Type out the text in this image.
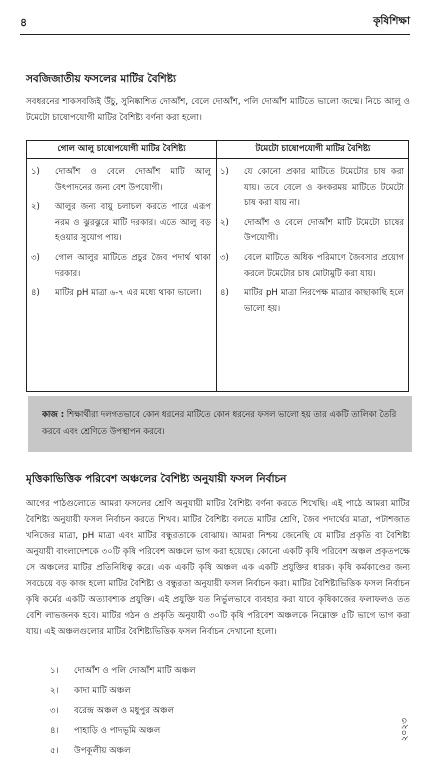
৪	কৃষিশিক্ষা
সবজিজাতীয় ফসলের মাটির বৈশিষ্ট্য
সবধরনের শাকসবজিই উঁচু, সুনিষ্কাশিত দোআঁশ, বেলে দোআঁশ, পলি দোআঁশ মাটিতে ভালো জন্মে। নিচে আলু ও টমেটো চাষোপযোগী মাটির বৈশিষ্ট্য বর্ণনা করা হলো।
গোল আলু চাষোপযোগী মাটির বৈশিষ্ট্য	টমেটো চাষোপযোগী মাটির বৈশিষ্ট্য
১) দোআঁশ ও বেলে দোআঁশ মাটি আলু উৎপাদনের জন্য বেশ উপযোগী।
২) আলুর জন্য বায়ু চলাচল করতে পারে এরূপ নরম ও ঝুরঝুরে মাটি দরকার। এতে আলু বড় হওয়ার সুযোগ পায়।
৩) গোল আলুর মাটিতে প্রচুর জৈব পদার্থ থাকা দরকার।
৪) মাটির pH মাত্রা ৬-৭ এর মধ্যে থাকা ভালো।
১) যে কোনো প্রকার মাটিতে টমেটোর চাষ করা যায়। তবে বেলে ও কংকরময় মাটিতে টমেটো চাষ করা যায় না।
২) দোআঁশ ও বেলে দোআঁশ মাটি টমেটো চাষের উপযোগী।
৩) বেলে মাটিতে অধিক পরিমাণে জৈবসার প্রয়োগ করলে টমেটোর চাষ মোটামুটি করা যায়।
৪) মাটির pH মাত্রা নিরপেক্ষ মাত্রার কাছাকাছি হলে ভালো হয়।
কাজ : শিক্ষার্থীরা দলগতভাবে কোন ধরনের মাটিতে কোন ধরনের ফসল ভালো হয় তার একটি তালিকা তৈরি করবে এবং শ্রেণিতে উপস্থাপন করবে।
মৃত্তিকাভিত্তিক পরিবেশ অঞ্চলের বৈশিষ্ট্য অনুযায়ী ফসল নির্বাচন
আগের পাঠগুলোতে আমরা ফসলের শ্রেণি অনুযায়ী মাটির বৈশিষ্ট্য বর্ণনা করতে শিখেছি। এই পাঠে আমরা মাটির বৈশিষ্ট্য অনুযায়ী ফসল নির্বাচন করতে শিখব। মাটির বৈশিষ্ট্য বলতে মাটির শ্রেণি, জৈব পদার্থের মাত্রা, পটাশজাত খনিজের মাত্রা, pH মাত্রা এবং মাটির বন্ধুরতাকে বোঝায়। আমরা নিশ্চয় জেনেছি যে মাটির প্রকৃতি বা বৈশিষ্ট্য অনুযায়ী বাংলাদেশকে ৩০টি কৃষি পরিবেশ অঞ্চলে ভাগ করা হয়েছে। কোনো একটি কৃষি পরিবেশ অঞ্চল প্রকৃতপক্ষে সে অঞ্চলের মাটির প্রতিনিধিত্ব করে। এক একটি কৃষি অঞ্চল এক একটি প্রযুক্তির ধারক। কৃষি কর্মকাণ্ডের জন্য সবচেয়ে বড় কাজ হলো মাটির বৈশিষ্ট্য ও বন্ধুরতা অনুযায়ী ফসল নির্বাচন করা। মাটির বৈশিষ্ট্যভিত্তিক ফসল নির্বাচন কৃষি কর্মের একটি অত্যাবশ্যক প্রযুক্তি। এই প্রযুক্তি যত নির্ভুলভাবে ব্যবহার করা যাবে কৃষিকাজের ফলাফলও তত বেশি লাভজনক হবে। মাটির গঠন ও প্রকৃতি অনুযায়ী ৩০টি কৃষি পরিবেশ অঞ্চলকে নিম্নোক্ত ৫টি ভাগে ভাগ করা যায়। এই অঞ্চলগুলোর মাটির বৈশিষ্ট্যভিত্তিক ফসল নির্বাচন দেখানো হলো।
১। দোআঁশ ও পলি দোআঁশ মাটি অঞ্চল
২। কাদা মাটি অঞ্চল
৩। বরেন্দ্র অঞ্চল ও মধুপুর অঞ্চল
৪। পাহাড়ি ও পাদভূমি অঞ্চল
৫। উপকূলীয় অঞ্চল
২০২৩
